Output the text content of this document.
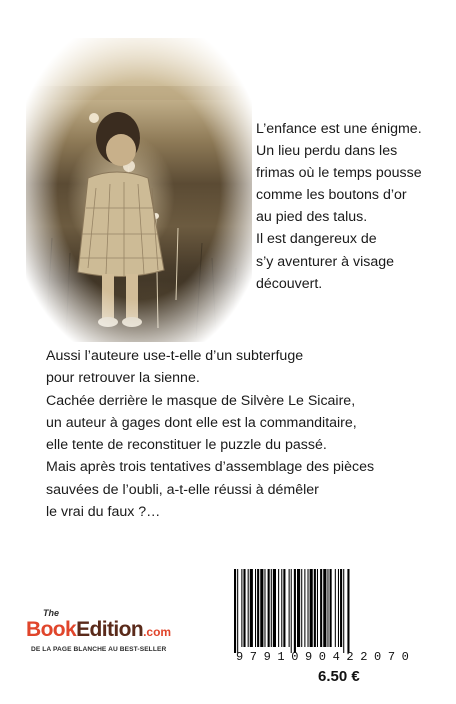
L’enfance est une énigme.
Un lieu perdu dans les
frimas où le temps pousse
comme les boutons d’or
au pied des talus.
Il est dangereux de
s’y aventurer à visage
découvert.

Aussi l’auteure use-t-elle d’un subterfuge
pour retrouver la sienne.
Cachée derrière le masque de Silvère Le Sicaire,
un auteur à gages dont elle est la commanditaire,
elle tente de reconstituer le puzzle du passé.
Mais après trois tentatives d’assemblage des pièces
sauvées de l’oubli, a-t-elle réussi à démêler
le vrai du faux ?…

The
BookEdition.com
DE LA PAGE BLANCHE AU BEST-SELLER
9791090422070
6.50 €
